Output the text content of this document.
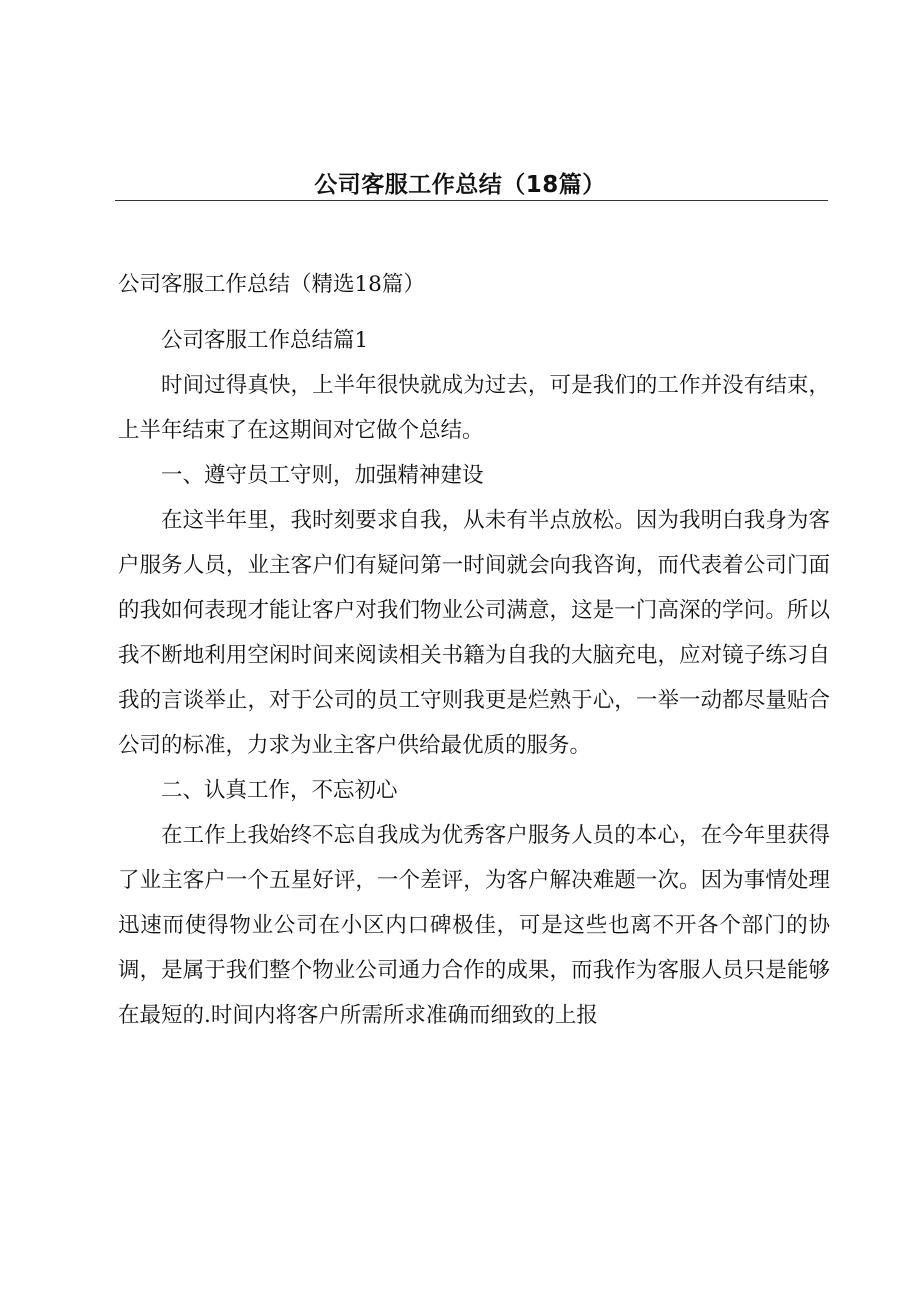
公司客服工作总结（18篇）

公司客服工作总结（精选18篇）

公司客服工作总结篇1

时间过得真快，上半年很快就成为过去，可是我们的工作并没有结束，上半年结束了在这期间对它做个总结。

一、遵守员工守则，加强精神建设

在这半年里，我时刻要求自我，从未有半点放松。因为我明白我身为客户服务人员，业主客户们有疑问第一时间就会向我咨询，而代表着公司门面的我如何表现才能让客户对我们物业公司满意，这是一门高深的学问。所以我不断地利用空闲时间来阅读相关书籍为自我的大脑充电，应对镜子练习自我的言谈举止，对于公司的员工守则我更是烂熟于心，一举一动都尽量贴合公司的标准，力求为业主客户供给最优质的服务。

二、认真工作，不忘初心

在工作上我始终不忘自我成为优秀客户服务人员的本心，在今年里获得了业主客户一个五星好评，一个差评，为客户解决难题一次。因为事情处理迅速而使得物业公司在小区内口碑极佳，可是这些也离不开各个部门的协调，是属于我们整个物业公司通力合作的成果，而我作为客服人员只是能够在最短的.时间内将客户所需所求准确而细致的上报
